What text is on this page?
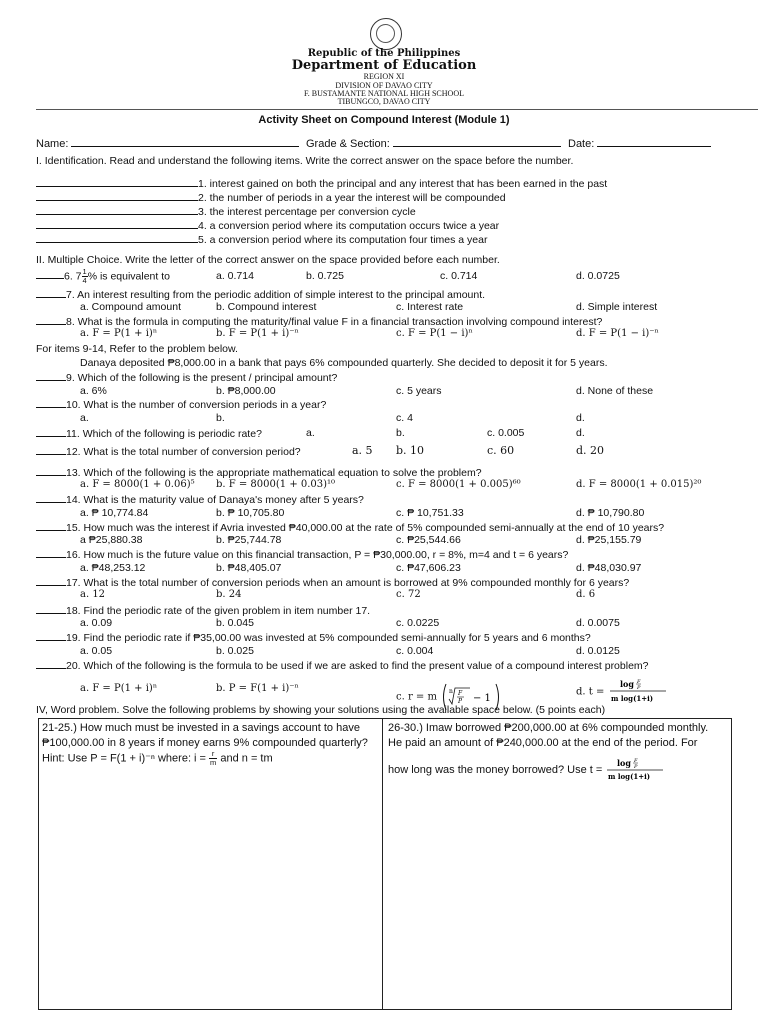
Republic of the Philippines
Department of Education
REGION XI
DIVISION OF DAVAO CITY
F. BUSTAMANTE NATIONAL HIGH SCHOOL
TIBUNGCO, DAVAO CITY
Activity Sheet on Compound Interest (Module 1)
Name:	Grade & Section:	Date:
I. Identification. Read and understand the following items. Write the correct answer on the space before the number.
1. interest gained on both the principal and any interest that has been earned in the past
2. the number of periods in a year the interest will be compounded
3. the interest percentage per conversion cycle
4. a conversion period where its computation occurs twice a year
5. a conversion period where its computation four times a year
II. Multiple Choice. Write the letter of the correct answer on the space provided before each number.
6. $7 \frac{1}{4}$ % is equivalent to	a. 0.714	b. 0.725	c. 0.714	d. 0.0725
7. An interest resulting from the periodic addition of simple interest to the principal amount.
a. Compound amount	b. Compound interest	c. Interest rate	d. Simple interest
8. What is the formula in computing the maturity/final value F in a financial transaction involving compound interest?
a. F = P(1 + i)ⁿ	b. F = P(1 + i)⁻ⁿ	c. F = P(1 − i)ⁿ	d. F = P(1 − i)⁻ⁿ
For items 9-14, Refer to the problem below.
Danaya deposited ₱8,000.00 in a bank that pays 6% compounded quarterly. She decided to deposit it for 5 years.
9. Which of the following is the present / principal amount?
a. 6%	b. ₱8,000.00	c. 5 years	d. None of these
10. What is the number of conversion periods in a year?
a.	b.	c. 4	d.
11. Which of the following is periodic rate?	a.	b.	c. 0.005	d.
12. What is the total number of conversion period?	a. 5 b. 10	c. 60	d. 20
13. Which of the following is the appropriate mathematical equation to solve the problem?
a. F = 8000(1 + 0.06)⁵ b. F = 8000(1 + 0.03)¹⁰	c. F = 8000(1 + 0.005)⁶⁰	d. F = 8000(1 + 0.015)²⁰
14. What is the maturity value of Danaya's money after 5 years?
a. ₱ 10,774.84	b. ₱ 10,705.80	c. ₱ 10,751.33	d. ₱ 10,790.80
15. How much was the interest if Avria invested ₱40,000.00 at the rate of 5% compounded semi-annually at the end of 10 years?
a ₱25,880.38	b. ₱25,744.78	c. ₱25,544.66	d. ₱25,155.79
16. How much is the future value on this financial transaction, P = ₱30,000.00, r = 8%, m=4 and t = 6 years?
a. ₱48,253.12	b. ₱48,405.07	c. ₱47,606.23	d. ₱48,030.97
17. What is the total number of conversion periods when an amount is borrowed at 9% compounded monthly for 6 years?
a. 12	b. 24	c. 72	d. 6
18. Find the periodic rate of the given problem in item number 17.
a. 0.09	b. 0.045	c. 0.0225	d. 0.0075
19. Find the periodic rate if ₱35,00.00 was invested at 5% compounded semi-annually for 5 years and 6 months?
a. 0.05	b. 0.025	c. 0.004	d. 0.0125
20. Which of the following is the formula to be used if we are asked to find the present value of a compound interest problem?
a. F = P(1 + i)ⁿ	b. P = F(1 + i)⁻ⁿ
c. r = m n F
P − 1
d. t =
log F
P
m log(1+i)
IV, Word problem. Solve the following problems by showing your solutions using the available space below. (5 points each)
21-25.) How much must be invested in a savings account to have
₱100,000.00 in 8 years if money earns 9% compounded quarterly?
Hint: Use P = F(1 + i)⁻ⁿ where: $i = \frac{r}{m}$ and n = tm
26-30.) Imaw borrowed ₱200,000.00 at 6% compounded monthly.
He paid an amount of ₱240,000.00 at the end of the period. For
how long was the money borrowed? Use t =
log F
P
m log(1+i)
